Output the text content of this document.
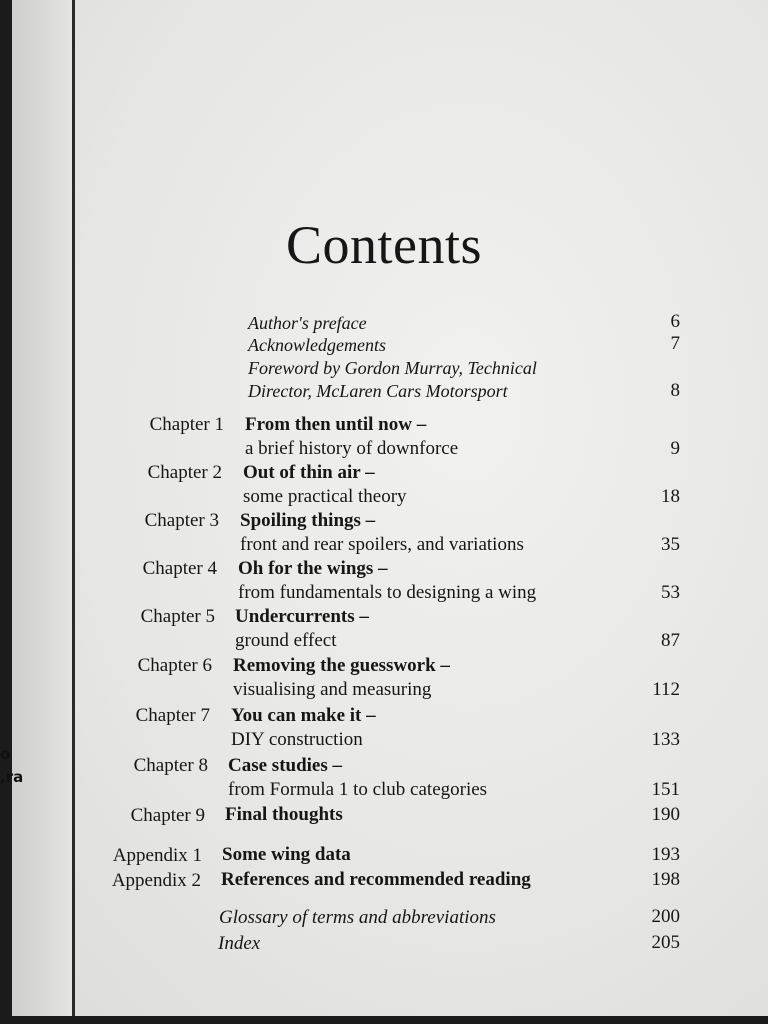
o
,ra
Contents
Author's preface	6
Acknowledgements	7
Foreword by Gordon Murray, Technical
Director, McLaren Cars Motorsport	8
Chapter 1 From then until now –
a brief history of downforce	9
Chapter 2 Out of thin air –
some practical theory	18
Chapter 3 Spoiling things –
front and rear spoilers, and variations	35
Chapter 4 Oh for the wings –
from fundamentals to designing a wing	53
Chapter 5 Undercurrents –
ground effect	87
Chapter 6 Removing the guesswork –
visualising and measuring	112
Chapter 7 You can make it –
DIY construction	133
Chapter 8 Case studies –
from Formula 1 to club categories	151
Chapter 9 Final thoughts	190
Appendix 1 Some wing data	193
Appendix 2 References and recommended reading	198
Glossary of terms and abbreviations	200
Index	205
